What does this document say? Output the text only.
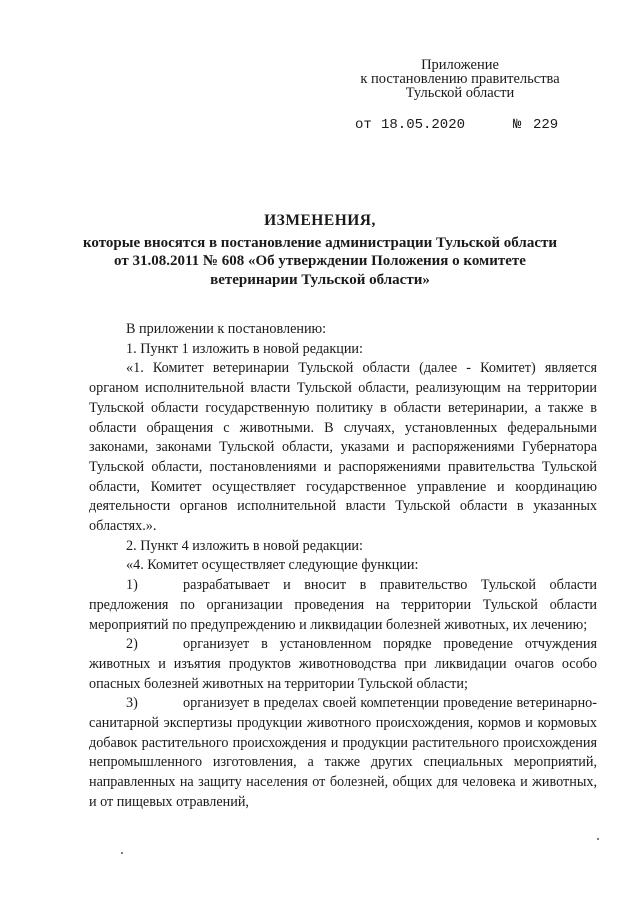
Приложение
к постановлению правительства
Тульской области
от 18.05.2020	№ 229
ИЗМЕНЕНИЯ,
которые вносятся в постановление администрации Тульской области
от 31.08.2011 № 608 «Об утверждении Положения о комитете
ветеринарии Тульской области»

В приложении к постановлению:

1. Пункт 1 изложить в новой редакции:

«1. Комитет ветеринарии Тульской области (далее - Комитет) является органом исполнительной власти Тульской области, реализующим на территории Тульской области государственную политику в области ветеринарии, а также в области обращения с животными. В случаях, установленных федеральными законами, законами Тульской области, указами и распоряжениями Губернатора Тульской области, постановлениями и распоряжениями правительства Тульской области, Комитет осуществляет государственное управление и координацию деятельности органов исполнительной власти Тульской области в указанных областях.».

2. Пункт 4 изложить в новой редакции:

«4. Комитет осуществляет следующие функции:

1)	разрабатывает и вносит в правительство Тульской области предложения по организации проведения на территории Тульской области мероприятий по предупреждению и ликвидации болезней животных, их лечению;

2)	организует в установленном порядке проведение отчуждения животных и изъятия продуктов животноводства при ликвидации очагов особо опасных болезней животных на территории Тульской области;

3)	организует в пределах своей компетенции проведение ветеринарно-санитарной экспертизы продукции животного происхождения, кормов и кормовых добавок растительного происхождения и продукции растительного происхождения непромышленного изготовления, а также других специальных мероприятий, направленных на защиту населения от болезней, общих для человека и животных, и от пищевых отравлений,
